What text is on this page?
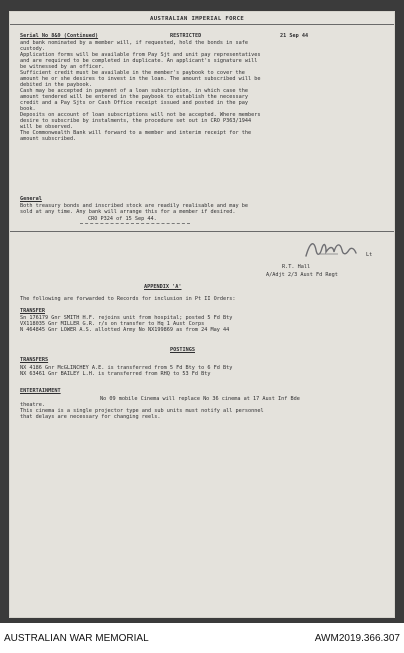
AUSTRALIAN IMPERIAL FORCE
Serial No 8&9 (Continued)	RESTRICTED	21 Sep 44
and bank nominated by a member will, if requested, hold the bonds in safe
custody.
Application forms will be available from Pay Sjt and unit pay representatives
and are required to be completed in duplicate. An applicant's signature will
be witnessed by an officer.
Sufficient credit must be available in the member's paybook to cover the
amount he or she desires to invest in the loan. The amount subscribed will be
debited in the paybook.
Cash may be accepted in payment of a loan subscription, in which case the
amount tendered will be entered in the paybook to establish the necessary
credit and a Pay Sjts or Cash Office receipt issued and posted in the pay
book.
Deposits on account of loan subscriptions will not be accepted. Where members
desire to subscribe by instalments, the procedure set out in CRO P363/1944
will be observed.
The Commonwealth Bank will forward to a member and interim receipt for the
amount subscribed.
General
Both treasury bonds and inscribed stock are readily realisable and may be
sold at any time. Any bank will arrange this for a member if desired.
CRO P324 of 15 Sep 44.
Lt
R.T. Hall
A/Adjt 2/3 Aust Fd Regt
APPENDIX 'A'
The following are forwarded to Records for inclusion in Pt II Orders:
TRANSFER
Sn 176179 Gnr SMITH H.F. rejoins unit from hospital; posted 5 Fd Bty
VX118035 Gnr MILLER G.R. r/s on transfer to Hq 1 Aust Corps
N 464845 Gnr LOWER A.S. allotted Army No NX199869 as from 24 May 44
POSTINGS
TRANSFERS
NX 4186 Gnr McGLINCHEY A.E. is transferred from 5 Fd Bty to 6 Fd Bty
NX 63461 Gnr BAILEY L.H. is transferred from RHQ to 53 Fd Bty
ENTERTAINMENT
No 09 mobile Cinema will replace No 36 cinema at 17 Aust Inf Bde
theatre.
This cinema is a single projector type and sub units must notify all personnel
that delays are necessary for changing reels.
AUSTRALIAN WAR MEMORIAL	AWM2019.366.307
